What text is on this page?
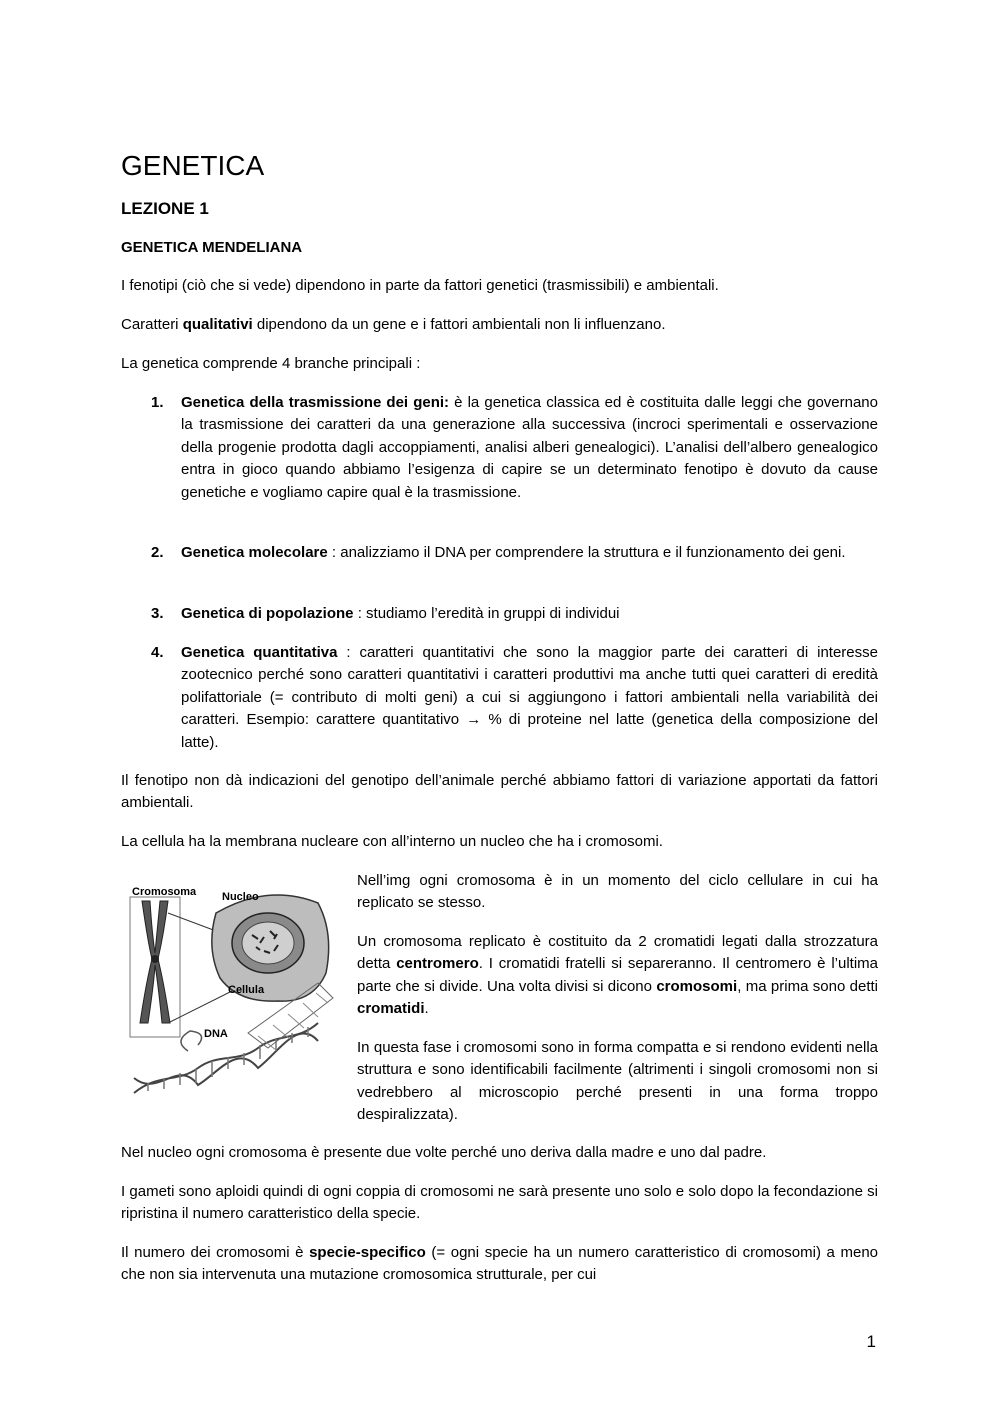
GENETICA
LEZIONE 1
GENETICA MENDELIANA

I fenotipi (ciò che si vede) dipendono in parte da fattori genetici (trasmissibili) e ambientali.

Caratteri qualitativi dipendono da un gene e i fattori ambientali non li influenzano.

La genetica comprende 4 branche principali :

1. Genetica della trasmissione dei geni: è la genetica classica ed è costituita dalle leggi che governano la trasmissione dei caratteri da una generazione alla successiva (incroci sperimentali e osservazione della progenie prodotta dagli accoppiamenti, analisi alberi genealogici). L’analisi dell’albero genealogico entra in gioco quando abbiamo l’esigenza di capire se un determinato fenotipo è dovuto da cause genetiche e vogliamo capire qual è la trasmissione.
2. Genetica molecolare : analizziamo il DNA per comprendere la struttura e il funzionamento dei geni.
3. Genetica di popolazione : studiamo l’eredità in gruppi di individui
4. Genetica quantitativa : caratteri quantitativi che sono la maggior parte dei caratteri di interesse zootecnico perché sono caratteri quantitativi i caratteri produttivi ma anche tutti quei caratteri di eredità polifattoriale (= contributo di molti geni) a cui si aggiungono i fattori ambientali nella variabilità dei caratteri. Esempio: carattere quantitativo → % di proteine nel latte (genetica della composizione del latte).

Il fenotipo non dà indicazioni del genotipo dell’animale perché abbiamo fattori di variazione apportati da fattori ambientali.

La cellula ha la membrana nucleare con all’interno un nucleo che ha i cromosomi.

Cromosoma Nucleo
Cellula
DNA

Nell’img ogni cromosoma è in un momento del ciclo cellulare in cui ha replicato se stesso.

Un cromosoma replicato è costituito da 2 cromatidi legati dalla strozzatura detta centromero. I cromatidi fratelli si separeranno. Il centromero è l’ultima parte che si divide. Una volta divisi si dicono cromosomi, ma prima sono detti cromatidi.

In questa fase i cromosomi sono in forma compatta e si rendono evidenti nella struttura e sono identificabili facilmente (altrimenti i singoli cromosomi non si vedrebbero al microscopio perché presenti in una forma troppo despiralizzata).

Nel nucleo ogni cromosoma è presente due volte perché uno deriva dalla madre e uno dal padre.

I gameti sono aploidi quindi di ogni coppia di cromosomi ne sarà presente uno solo e solo dopo la fecondazione si ripristina il numero caratteristico della specie.

Il numero dei cromosomi è specie-specifico (= ogni specie ha un numero caratteristico di cromosomi) a meno che non sia intervenuta una mutazione cromosomica strutturale, per cui

1
